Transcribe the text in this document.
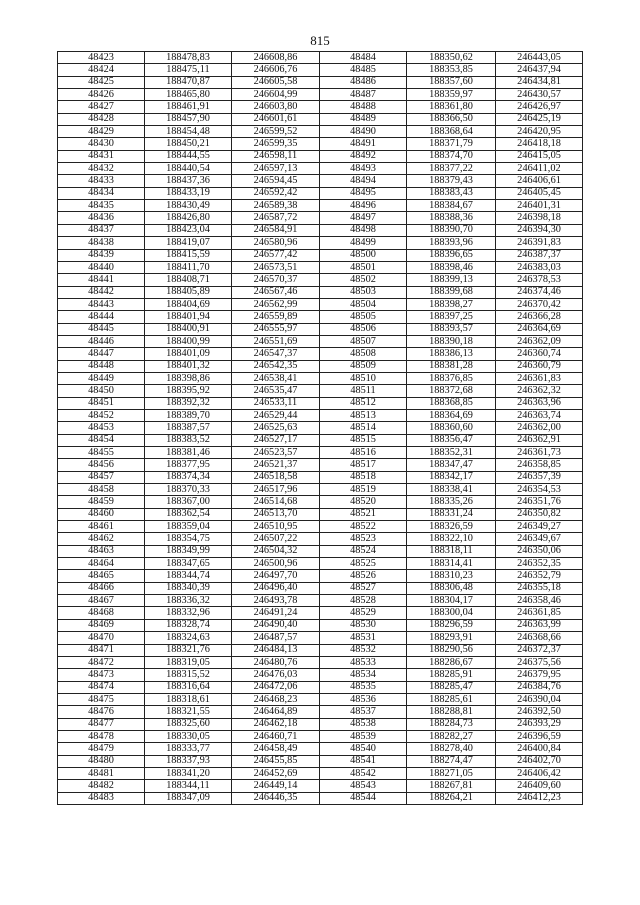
815
48423	188478,83	246608,86	48484	188350,62	246443,05
48424	188475,11	246606,76	48485	188353,85	246437,94
48425	188470,87	246605,58	48486	188357,60	246434,81
48426	188465,80	246604,99	48487	188359,97	246430,57
48427	188461,91	246603,80	48488	188361,80	246426,97
48428	188457,90	246601,61	48489	188366,50	246425,19
48429	188454,48	246599,52	48490	188368,64	246420,95
48430	188450,21	246599,35	48491	188371,79	246418,18
48431	188444,55	246598,11	48492	188374,70	246415,05
48432	188440,54	246597,13	48493	188377,22	246411,02
48433	188437,36	246594,45	48494	188379,43	246406,61
48434	188433,19	246592,42	48495	188383,43	246405,45
48435	188430,49	246589,38	48496	188384,67	246401,31
48436	188426,80	246587,72	48497	188388,36	246398,18
48437	188423,04	246584,91	48498	188390,70	246394,30
48438	188419,07	246580,96	48499	188393,96	246391,83
48439	188415,59	246577,42	48500	188396,65	246387,37
48440	188411,70	246573,51	48501	188398,46	246383,03
48441	188408,71	246570,37	48502	188399,13	246378,53
48442	188405,89	246567,46	48503	188399,68	246374,46
48443	188404,69	246562,99	48504	188398,27	246370,42
48444	188401,94	246559,89	48505	188397,25	246366,28
48445	188400,91	246555,97	48506	188393,57	246364,69
48446	188400,99	246551,69	48507	188390,18	246362,09
48447	188401,09	246547,37	48508	188386,13	246360,74
48448	188401,32	246542,35	48509	188381,28	246360,79
48449	188398,86	246538,41	48510	188376,85	246361,83
48450	188395,92	246535,47	48511	188372,68	246362,32
48451	188392,32	246533,11	48512	188368,85	246363,96
48452	188389,70	246529,44	48513	188364,69	246363,74
48453	188387,57	246525,63	48514	188360,60	246362,00
48454	188383,52	246527,17	48515	188356,47	246362,91
48455	188381,46	246523,57	48516	188352,31	246361,73
48456	188377,95	246521,37	48517	188347,47	246358,85
48457	188374,34	246518,58	48518	188342,17	246357,39
48458	188370,33	246517,96	48519	188338,41	246354,53
48459	188367,00	246514,68	48520	188335,26	246351,76
48460	188362,54	246513,70	48521	188331,24	246350,82
48461	188359,04	246510,95	48522	188326,59	246349,27
48462	188354,75	246507,22	48523	188322,10	246349,67
48463	188349,99	246504,32	48524	188318,11	246350,06
48464	188347,65	246500,96	48525	188314,41	246352,35
48465	188344,74	246497,70	48526	188310,23	246352,79
48466	188340,39	246496,40	48527	188306,48	246355,18
48467	188336,32	246493,78	48528	188304,17	246358,46
48468	188332,96	246491,24	48529	188300,04	246361,85
48469	188328,74	246490,40	48530	188296,59	246363,99
48470	188324,63	246487,57	48531	188293,91	246368,66
48471	188321,76	246484,13	48532	188290,56	246372,37
48472	188319,05	246480,76	48533	188286,67	246375,56
48473	188315,52	246476,03	48534	188285,91	246379,95
48474	188316,64	246472,06	48535	188285,47	246384,76
48475	188318,61	246468,23	48536	188285,61	246390,04
48476	188321,55	246464,89	48537	188288,81	246392,50
48477	188325,60	246462,18	48538	188284,73	246393,29
48478	188330,05	246460,71	48539	188282,27	246396,59
48479	188333,77	246458,49	48540	188278,40	246400,84
48480	188337,93	246455,85	48541	188274,47	246402,70
48481	188341,20	246452,69	48542	188271,05	246406,42
48482	188344,11	246449,14	48543	188267,81	246409,60
48483	188347,09	246446,35	48544	188264,21	246412,23
